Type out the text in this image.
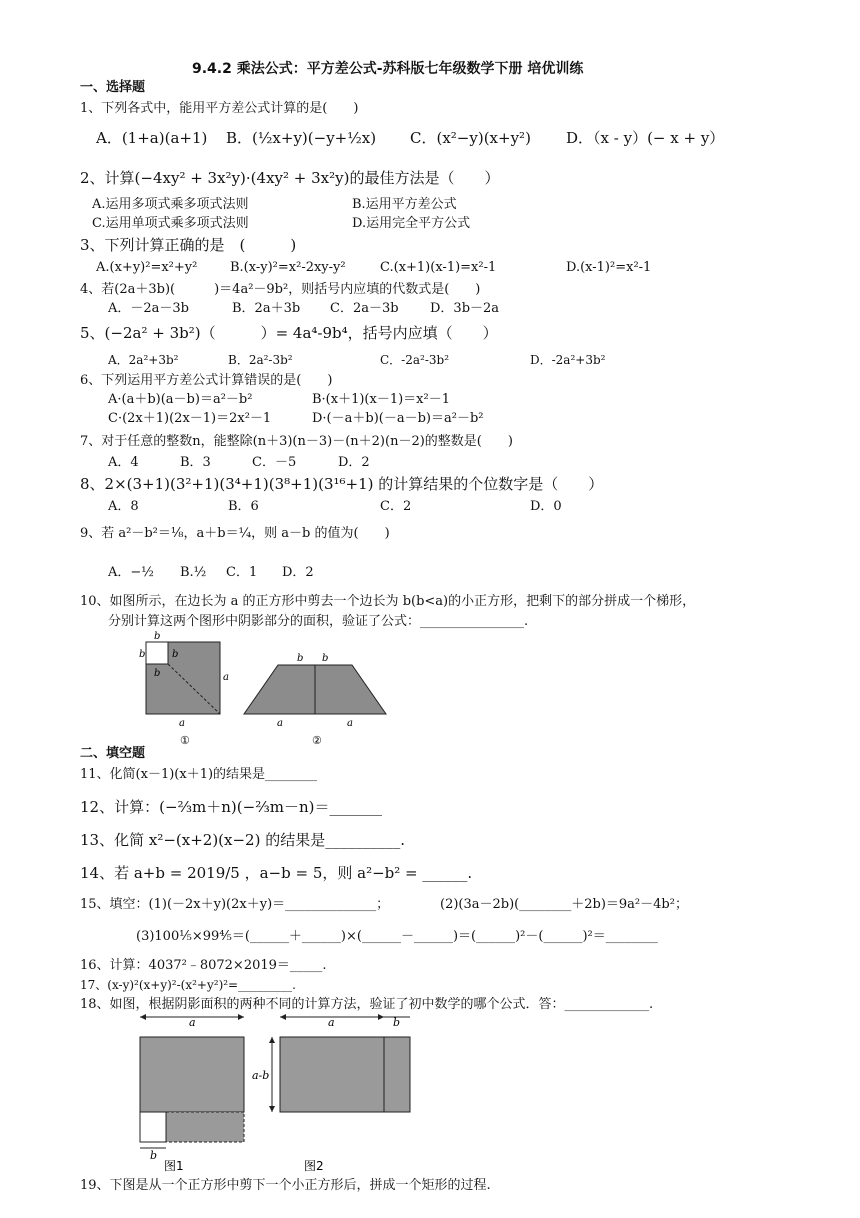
9.4.2 乘法公式：平方差公式-苏科版七年级数学下册 培优训练
一、选择题
1、下列各式中，能用平方差公式计算的是(　　)
A．(1+a)(a+1) B．(½x+y)(−y+½x) C．(x²−y)(x+y²) D．（x - y）(− x + y）
2、计算(−4xy² + 3x²y)·(4xy² + 3x²y)的最佳方法是（　　）
A.运用多项式乘多项式法则	B.运用平方差公式
C.运用单项式乘多项式法则	D.运用完全平方公式
3、下列计算正确的是　(　　　)
A.(x+y)²=x²+y²	B.(x-y)²=x²-2xy-y²	C.(x+1)(x-1)=x²-1	D.(x-1)²=x²-1
4、若(2a＋3b)(　　　)＝4a²－9b²，则括号内应填的代数式是(　　)
A．－2a－3b	B．2a＋3b C．2a－3b D．3b－2a
5、(−2a² + 3b²)（　　　）= 4a⁴-9b⁴，括号内应填（　　）
A．2a²+3b²	B．2a²-3b²	C．-2a²-3b²	D．-2a²+3b²
6、下列运用平方差公式计算错误的是(　　)
A·(a＋b)(a－b)＝a²－b²	B·(x＋1)(x－1)＝x²－1
C·(2x＋1)(2x－1)＝2x²－1	D·(－a＋b)(－a－b)＝a²－b²
7、对于任意的整数n，能整除(n＋3)(n－3)－(n＋2)(n－2)的整数是(　　)
A．4	B．3	C．－5	D．2
8、2×(3+1)(3²+1)(3⁴+1)(3⁸+1)(3¹⁶+1) 的计算结果的个位数字是（　　）
A．8	B．6	C．2	D．0
9、若 a²－b²＝⅛，a＋b＝¼，则 a－b 的值为(　　)
A．−½ B.½ C．1 D．2
10、如图所示，在边长为 a 的正方形中剪去一个边长为 b(b<a)的小正方形，把剩下的部分拼成一个梯形，
分别计算这两个图形中阴影部分的面积，验证了公式：________________.
b
b	b
b	a
a
①
b b
a	a
②
二、填空题
11、化简(x－1)(x＋1)的结果是________
12、计算：(−⅔m＋n)(−⅔m－n)＝_______
13、化简 x²−(x+2)(x−2) 的结果是__________.
14、若 a+b = 2019/5 ，a−b = 5，则 a²−b² = ______.
15、填空：(1)(－2x＋y)(2x＋y)＝______________；	(2)(3a－2b)(________＋2b)＝9a²－4b²；
(3)100⅕×99⅘＝(______＋______)×(______－______)＝(______)²－(______)²＝________
16、计算：4037²﹣8072×2019＝_____.
17、(x-y)²(x+y)²-(x²+y²)²=_________.
18、如图，根据阴影面积的两种不同的计算方法，验证了初中数学的哪个公式．答：_____________.
a
b
图1
a	b
a-b
图2
19、下图是从一个正方形中剪下一个小正方形后，拼成一个矩形的过程.
